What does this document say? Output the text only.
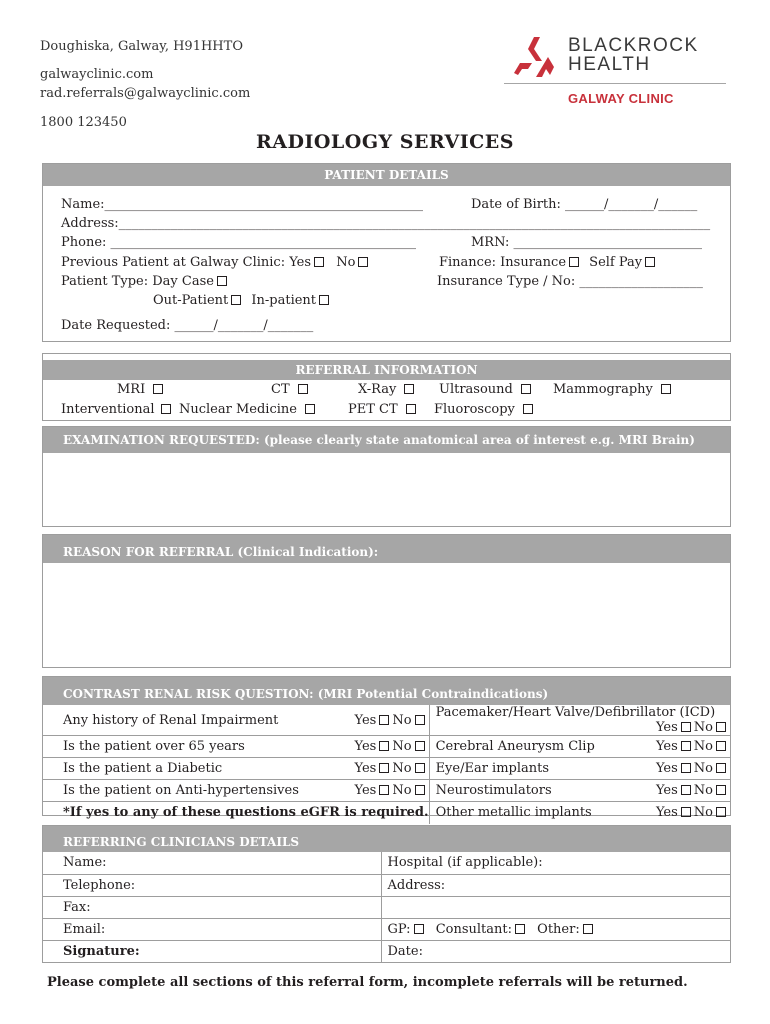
Doughiska, Galway, H91HHTO
galwayclinic.com
rad.referrals@galwayclinic.com
1800 123450
BLACKROCK
HEALTH
GALWAY CLINIC
RADIOLOGY SERVICES
PATIENT DETAILS
Name:_________________________________________________	Date of Birth: ______/_______/______
Address:___________________________________________________________________________________________
Phone: _______________________________________________	MRN: _____________________________
Previous Patient at Galway Clinic: Yes No	Finance: Insurance Self Pay
Patient Type: Day Case	Insurance Type / No: ___________________
Out-Patient In-patient
Date Requested: ______/_______/_______
REFERRAL INFORMATION
MRI	CT	X-Ray	Ultrasound	Mammography
Interventional	Nuclear Medicine	PET CT	Fluoroscopy
EXAMINATION REQUESTED: (please clearly state anatomical area of interest e.g. MRI Brain)
REASON FOR REFERRAL (Clinical Indication):
CONTRAST RENAL RISK QUESTION: (MRI Potential Contraindications)
Any history of Renal Impairment Yes No	Pacemaker/Heart Valve/Defibrillator (ICD)
Yes No

Is the patient over 65 years Yes No	Cerebral Aneurysm Clip Yes No

Is the patient a Diabetic Yes No	Eye/Ear implants Yes No

Is the patient on Anti-hypertensives Yes No	Neurostimulators Yes No

*If yes to any of these questions eGFR is required.	Other metallic implants Yes No
REFERRING CLINICIANS DETAILS
Name:	Hospital (if applicable):
Telephone:	Address:
Fax:	
Email:	GP: Consultant: Other:
Signature:	Date:
Please complete all sections of this referral form, incomplete referrals will be returned.
